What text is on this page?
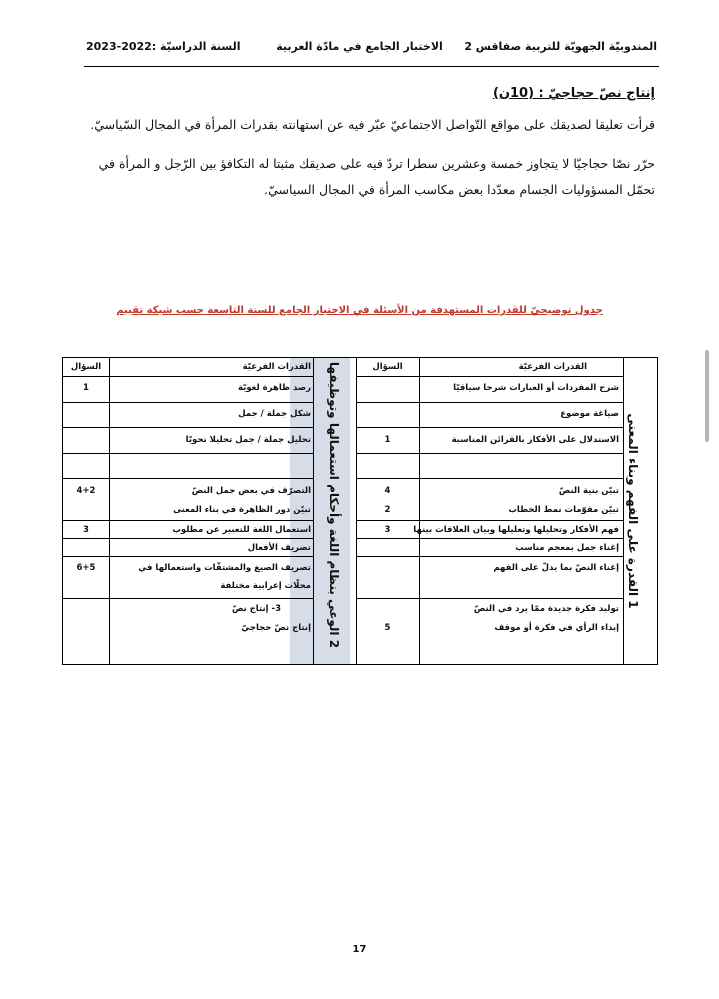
المندوبيّة الجهويّة للتربية صفاقس 2
الاختبار الجامع في مادّة العربية
السنة الدراسيّة :2022-2023
إنتاج نصّ حجاجيّ : (10ن)
قرأت تعليقا لصديقك على مواقع التّواصل الاجتماعيّ عبّر فيه عن استهانته بقدرات المرأة في المجال السّياسيّ.
حرّر نصّا حجاجيّا لا يتجاوز خمسة وعشرين سطرا تردّ فيه على صديقك مثبتا له التكافؤ بين الرّجل و المرأة في تحمّل المسؤوليات الجسام معدّدا بعض مكاسب المرأة في المجال السياسيّ.
جدول توضيحيّ للقدرات المستهدفة من الأسئلة في الاختبار الجامع للسنة التاسعة حسب شبكة تقييم
القدرات الفرعيّة
السؤال	القدرات الفرعيّة
السؤال
شرح المفردات أو العبارات شرحا سياقيّا
صياغة موضوع
الاستدلال على الأفكار بالقرائن المناسبة
1
تبيّن بنية النصّ
4
تبيّن مقوّمات نمط الخطاب
2
فهم الأفكار وتحليلها وتعليلها وبيان العلاقات بينها
3
إغناء جمل بمعجم مناسب
إغناء النصّ بما يدلّ على الفهم
توليد فكرة جديدة ممّا يرد في النصّ
إبداء الرأي في فكرة أو موقف
5
رصد ظاهرة لغويّة
1
شكل جملة / جمل
تحليل جملة / جمل تحليلا نحويّا
التصرّف في بعض جمل النصّ
4+2
تبيّن دور الظاهرة في بناء المعنى
استعمال اللغة للتعبير عن مطلوب
3
تصريف الأفعال
تصريف الصيغ والمشتقّات واستعمالها في
6+5
محلّات إعرابية مختلفة
3- إنتاج نصّ
إنتاج نصّ حجاجيّ
1 القدرة على الفهم وبناء المعنى
2 الوعي بنظام اللغة وأحكام استعمالها وتوظيفها
17
